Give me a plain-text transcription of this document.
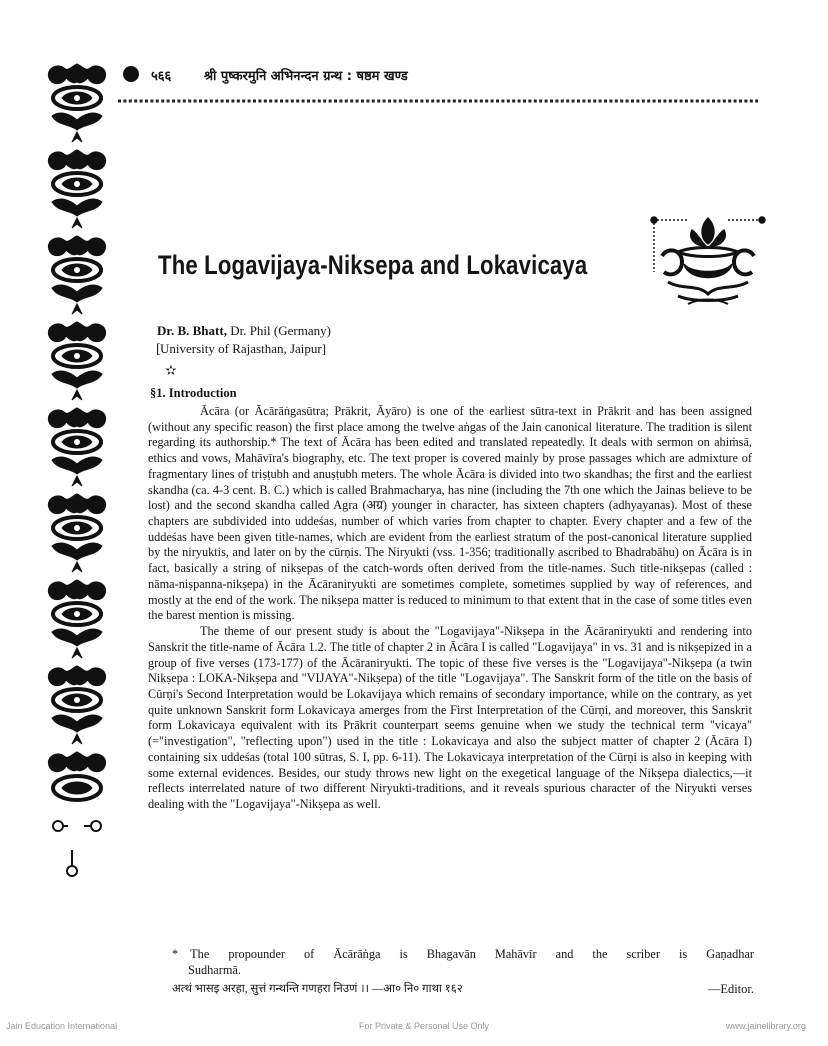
५६६	श्री पुष्करमुनि अभिनन्दन ग्रन्थ : षष्ठम खण्ड
The Logavijaya-Niksepa and Lokavicaya
Dr. B. Bhatt, Dr. Phil (Germany)
University of Rajasthan, Jaipur]
[
✫
§1. Introduction

Ācāra (or Ācārāṅgasūtra; Prākrit, Āyāro) is one of the earliest sūtra-text in Prākrit and has been assigned (without any specific reason) the first place among the twelve aṅgas of the Jain canonical literature. The tradition is silent regarding its authorship.* The text of Ācāra has been edited and translated repeatedly. It deals with sermon on ahiṁsā, ethics and vows, Mahāvīra's biography, etc. The text proper is covered mainly by prose passages which are admixture of fragmentary lines of triṣṭubh and anuṣṭubh meters. The whole Ācāra is divided into two skandhas; the first and the earliest skandha (ca. 4-3 cent. B. C.) which is called Brahmacharya, has nine (including the 7th one which the Jainas believe to be lost) and the second skandha called Agra (अग्र) younger in character, has sixteen chapters (adhyayanas). Most of these chapters are subdivided into uddeśas, number of which varies from chapter to chapter. Every chapter and a few of the uddeśas have been given title-names, which are evident from the earliest stratum of the post-canonical literature supplied by the niryuktis, and later on by the cūrṇis. The Niryukti (vss. 1-356; traditionally ascribed to Bhadrabāhu) on Ācāra is in fact, basically a string of nikṣepas of the catch-words often derived from the title-names. Such title-nikṣepas (called : nāma-niṣpanna-nikṣepa) in the Ācāraniryukti are sometimes complete, sometimes supplied by way of references, and mostly at the end of the work. The nikṣepa matter is reduced to minimum to that extent that in the case of some titles even the barest mention is missing.

The theme of our present study is about the "Logavijaya"-Nikṣepa in the Ācāraniryukti and rendering into Sanskrit the title-name of Ācāra 1.2. The title of chapter 2 in Ācāra I is called "Logavijaya" in vs. 31 and is nikṣepized in a group of five verses (173-177) of the Ācāraniryukti. The topic of these five verses is the "Logavijaya"-Nikṣepa (a twin Nikṣepa : LOKA-Nikṣepa and "VIJAYA"-Nikṣepa) of the title "Logavijaya". The Sanskrit form of the title on the basis of Cūrṇi's Second Interpretation would be Lokavijaya which remains of secondary importance, while on the contrary, as yet quite unknown Sanskrit form Lokavicaya amerges from the First Interpretation of the Cūrṇi, and moreover, this Sanskrit form Lokavicaya equivalent with its Prākrit counterpart seems genuine when we study the technical term "vicaya" (="investigation", "reflecting upon") used in the title : Lokavicaya and also the subject matter of chapter 2 (Ācāra I) containing six uddeśas (total 100 sūtras, S. I, pp. 6-11). The Lokavicaya interpretation of the Cūrṇi is also in keeping with some external evidences. Besides, our study throws new light on the exegetical language of the Nikṣepa dialectics,—it reflects interrelated nature of two different Niryukti-traditions, and it reveals spurious character of the Niryukti verses dealing with the "Logavijaya"-Nikṣepa as well.

* The propounder of Ācārāṅga is Bhagavān Mahāvīr and the scriber is Gaṇadhar
Sudharmā.
अत्थं भासइ अरहा, सुत्तं गन्थन्ति गणहरा निउणं ।। —आ० नि० गाथा १६२	—Editor.
Jain Education International	For Private & Personal Use Only	www.jainelibrary.org
